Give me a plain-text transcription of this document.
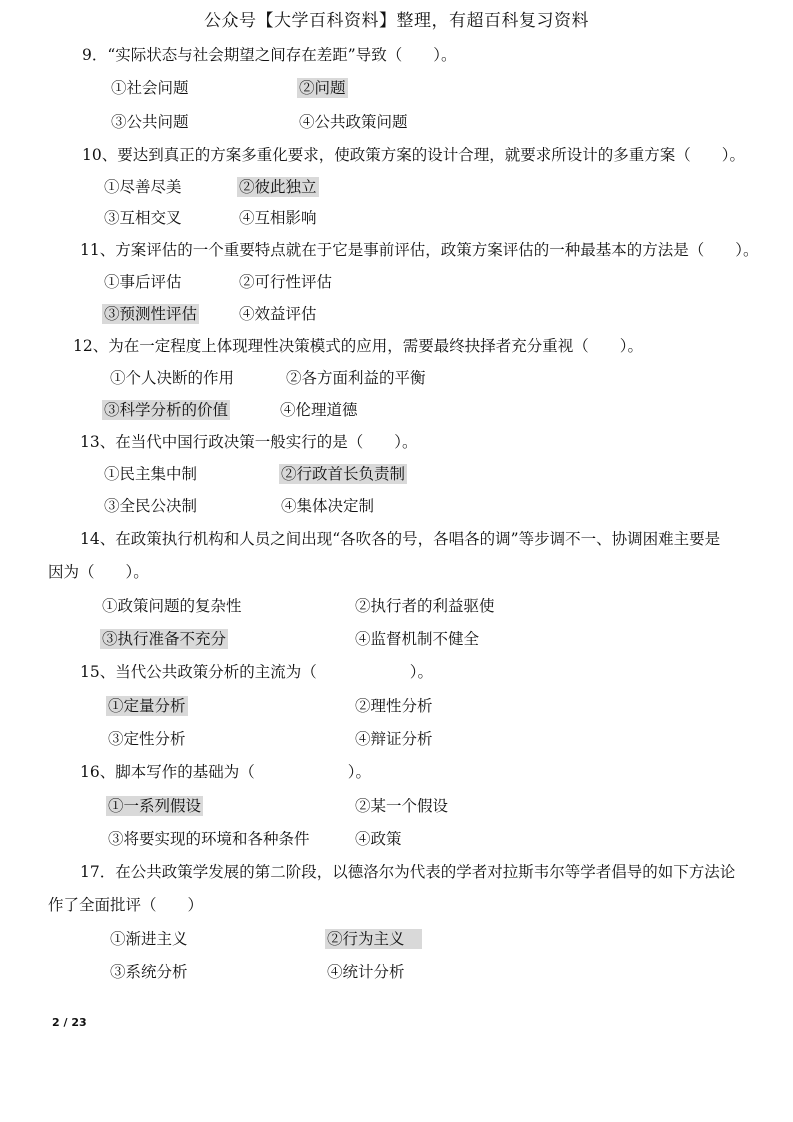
公众号【大学百科资料】整理，有超百科复习资料
9．“实际状态与社会期望之间存在差距”导致（　　）。
①社会问题	②问题
③公共问题	④公共政策问题
10、要达到真正的方案多重化要求，使政策方案的设计合理，就要求所设计的多重方案（　　）。
①尽善尽美	②彼此独立
③互相交叉	④互相影响
11、方案评估的一个重要特点就在于它是事前评估，政策方案评估的一种最基本的方法是（　　）。
①事后评估	②可行性评估
③预测性评估	④效益评估
12、为在一定程度上体现理性决策模式的应用，需要最终抉择者充分重视（　　）。
①个人决断的作用	②各方面利益的平衡
③科学分析的价值	④伦理道德
13、在当代中国行政决策一般实行的是（　　）。
①民主集中制	②行政首长负责制
③全民公决制	④集体决定制
14、在政策执行机构和人员之间出现“各吹各的号，各唱各的调”等步调不一、协调困难主要是
因为（　　）。
①政策问题的复杂性	②执行者的利益驱使
③执行准备不充分	④监督机制不健全
15、当代公共政策分析的主流为（　　　　　　）。
①定量分析	②理性分析
③定性分析	④辩证分析
16、脚本写作的基础为（　　　　　　）。
①一系列假设	②某一个假设
③将要实现的环境和各种条件	④政策
17．在公共政策学发展的第二阶段，以德洛尔为代表的学者对拉斯韦尔等学者倡导的如下方法论
作了全面批评（　　）
①渐进主义	②行为主义　
③系统分析	④统计分析
2 / 23
